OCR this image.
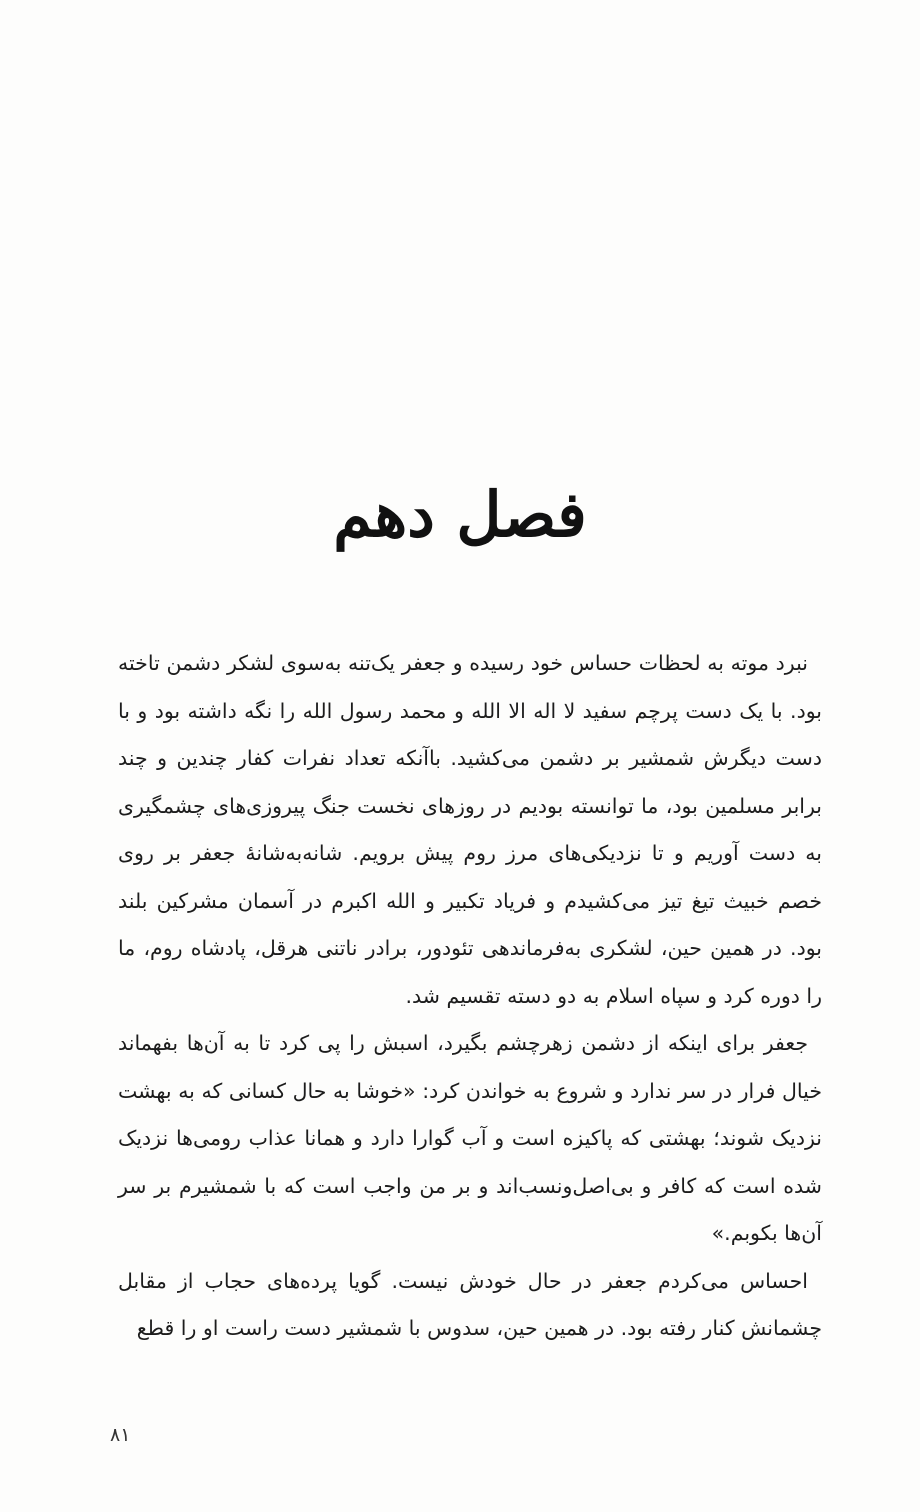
فصل دهم

نبرد موته به لحظات حساس خود رسیده و جعفر یک‌تنه به‌سوی لشکر دشمن تاخته بود. با یک دست پرچم سفید لا اله الا الله و محمد رسول الله را نگه داشته بود و با دست دیگرش شمشیر بر دشمن می‌کشید. باآنکه تعداد نفرات کفار چندین و چند برابر مسلمین بود، ما توانسته بودیم در روزهای نخست جنگ پیروزی‌های چشمگیری به دست آوریم و تا نزدیکی‌های مرز روم پیش برویم. شانه‌به‌شانهٔ جعفر بر روی خصم خبیث تیغ تیز می‌کشیدم و فریاد تکبیر و الله اکبرم در آسمان مشرکین بلند بود. در همین حین، لشکری به‌فرماندهی تئودور، برادر ناتنی هرقل، پادشاه روم، ما را دوره کرد و سپاه اسلام به دو دسته تقسیم شد.

جعفر برای اینکه از دشمن زهرچشم بگیرد، اسبش را پی کرد تا به آن‌ها بفهماند خیال فرار در سر ندارد و شروع به خواندن کرد: «خوشا به حال کسانی که به بهشت نزدیک شوند؛ بهشتی که پاکیزه است و آب گوارا دارد و همانا عذاب رومی‌ها نزدیک شده است که کافر و بی‌اصل‌ونسب‌اند و بر من واجب است که با شمشیرم بر سر آن‌ها بکوبم.»

احساس می‌کردم جعفر در حال خودش نیست. گویا پرده‌های حجاب از مقابل چشمانش کنار رفته بود. در همین حین، سدوس با شمشیر دست راست او را قطع

۸۱
